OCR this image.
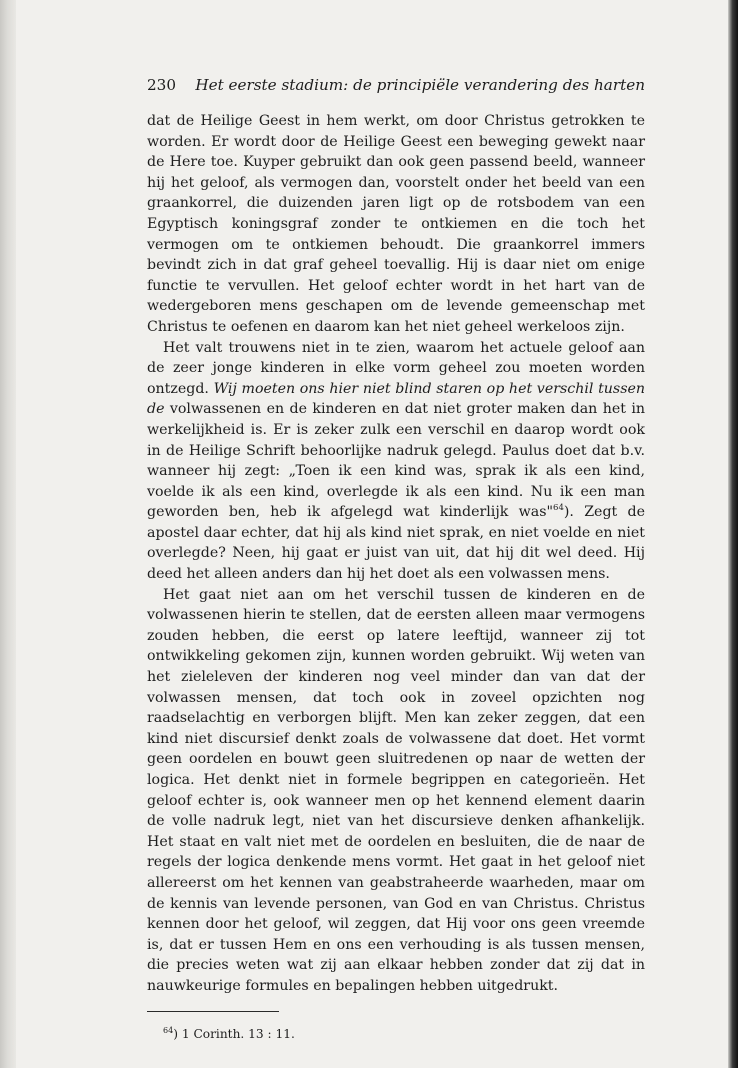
230 Het eerste stadium: de principiële verandering des harten

dat de Heilige Geest in hem werkt, om door Christus getrokken te worden. Er wordt door de Heilige Geest een beweging gewekt naar de Here toe. Kuyper gebruikt dan ook geen passend beeld, wanneer hij het geloof, als vermogen dan, voorstelt onder het beeld van een graankorrel, die duizenden jaren ligt op de rotsbodem van een Egyptisch koningsgraf zonder te ontkiemen en die toch het vermogen om te ontkiemen behoudt. Die graankorrel immers bevindt zich in dat graf geheel toevallig. Hij is daar niet om enige functie te vervullen. Het geloof echter wordt in het hart van de wedergeboren mens geschapen om de levende gemeenschap met Christus te oefenen en daarom kan het niet geheel werkeloos zijn.

Het valt trouwens niet in te zien, waarom het actuele geloof aan de zeer jonge kinderen in elke vorm geheel zou moeten worden ontzegd. Wij moeten ons hier niet blind staren op het verschil tussen de volwassenen en de kinderen en dat niet groter maken dan het in werkelijkheid is. Er is zeker zulk een verschil en daarop wordt ook in de Heilige Schrift behoorlijke nadruk gelegd. Paulus doet dat b.v. wanneer hij zegt: „Toen ik een kind was, sprak ik als een kind, voelde ik als een kind, overlegde ik als een kind. Nu ik een man geworden ben, heb ik afgelegd wat kinderlijk was"$^{64}$). Zegt de apostel daar echter, dat hij als kind niet sprak, en niet voelde en niet overlegde? Neen, hij gaat er juist van uit, dat hij dit wel deed. Hij deed het alleen anders dan hij het doet als een volwassen mens.

Het gaat niet aan om het verschil tussen de kinderen en de volwassenen hierin te stellen, dat de eersten alleen maar vermogens zouden hebben, die eerst op latere leeftijd, wanneer zij tot ontwikkeling gekomen zijn, kunnen worden gebruikt. Wij weten van het zieleleven der kinderen nog veel minder dan van dat der volwassen mensen, dat toch ook in zoveel opzichten nog raadselachtig en verborgen blijft. Men kan zeker zeggen, dat een kind niet discursief denkt zoals de volwassene dat doet. Het vormt geen oordelen en bouwt geen sluitredenen op naar de wetten der logica. Het denkt niet in formele begrippen en categorieën. Het geloof echter is, ook wanneer men op het kennend element daarin de volle nadruk legt, niet van het discursieve denken afhankelijk. Het staat en valt niet met de oordelen en besluiten, die de naar de regels der logica denkende mens vormt. Het gaat in het geloof niet allereerst om het kennen van geabstraheerde waarheden, maar om de kennis van levende personen, van God en van Christus. Christus kennen door het geloof, wil zeggen, dat Hij voor ons geen vreemde is, dat er tussen Hem en ons een verhouding is als tussen mensen, die precies weten wat zij aan elkaar hebben zonder dat zij dat in nauwkeurige formules en bepalingen hebben uitgedrukt.

$^{64}$) 1 Corinth. 13 : 11.
